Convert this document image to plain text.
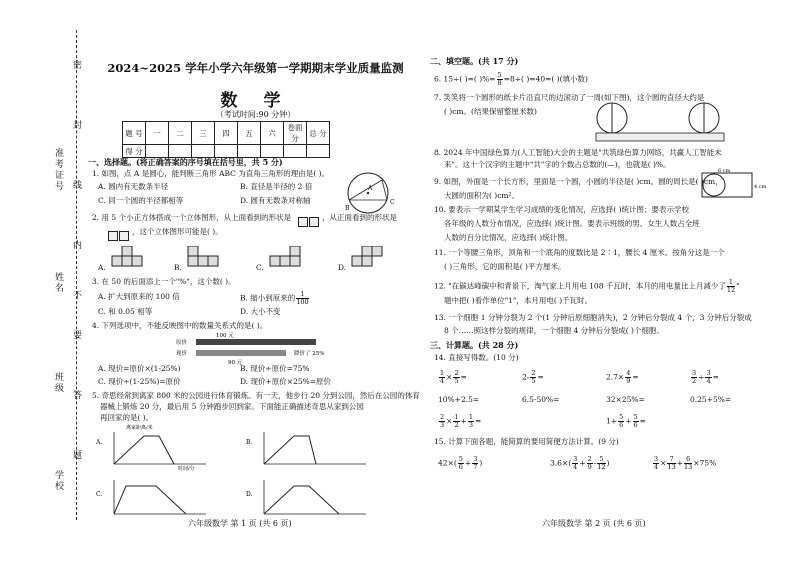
准考证号
姓名
班级
学校
密
封
线
内
不
要
答
题
2024~2025 学年小学六年级第一学期期末学业质量监测
数 学
（考试时间:90 分钟）
题 号	一	二	三	四	五	六	卷面分	总 分
得 分								
一、选择题。(将正确答案的序号填在括号里，共 5 分)
1. 如图，点 A 是圆心，能判断三角形 ABC 为直角三角形的理由是( )。
A. 圆内有无数条半径	B. 直径是半径的 2 倍
C. 同一个圆的半径都相等	D. 圆有无数条对称轴
B
C
A
2. 用 5 个小正方体搭成一个立体图形，从上面看到的形状是	，从正面看到的形状是
，这个立体图形可能是( )。
A.	B.	C.	D.
3. 在 50 的后面添上一个"%"，这个数( )。
A. 扩大到原来的 100 倍	B. 缩小到原来的 $\frac{1}{100}$
C. 和 0.05 相等	D. 大小不变
4. 下列选项中，不能反映图中的数量关系式的是( )。
100 元
原价
现价	降价了 25%
90 元
A. 现价=原价×(1-25%)	B. 现价÷原价=75%
C. 现价÷(1-25%)=原价	D. 现价+原价×25%=原价
5. 奇思经常到离家 800 米的公园进行体育锻炼。有一天，他步行 20 分到公园，然后在公园的体育
器械上锻炼 20 分，最后用 5 分钟跑步回到家。下面能正确描述奇思从家到公园
再回家的是( )。
A.
离家距离/米
时间/分
B.
C.	D.
六年级数学 第 1 页 (共 6 页)
二、填空题。(共 17 分)
6. 15÷( )=( )%= $\frac{5}{8} =8\div$( )=40=( )(填小数)
7. 笑笑将一个圆形的纸卡片沿直尺的边滚动了一周(如下图)，这个圆的直径大约是
( )cm。(结果保留整厘米数)
8. 2024 年中国绿色算力(人工智能)大会的主题是"共筑绿色算力网络，共赢人工智能未
来"。这十个汉字的主题中"共"字的个数占总数的(—)，也就是( )%。
9. 如图，外面是一个长方形，里面是一个圆，小圆的半径是( )cm。圆的周长是( )cm，
大圆的面积为( )cm²。
6 cm
4 cm
10. 要表示一学期某学生学习成绩的变化情况，应选择( )统计图；要表示学校
各年级的人数分布情况，应选择( )统计图。要表示班级的男、女生人数占全班
人数的百分比情况，应选择( )统计图。
11. 一个等腰三角形，顶角和一个底角的度数比是 2∶1，腰长 4 厘米。按角分这是一个
( )三角形，它的面积是( )平方厘米。
12. "在碳达峰碳中和背景下，淘气家上月用电 108 千瓦时，本月的用电量比上月减少了 $\frac{1}{12}$ "
题中把( )看作单位"1"，本月用电( )千瓦时。
13. 一个细胞 1 分钟分裂为 2 个(1 分钟后原细胞消失)，2 分钟后分裂成 4 个，3 分钟后分裂成
8 个……照这样分裂的规律，一个细胞 4 分钟后分裂成( )个细胞。
三、计算题。(共 28 分)
14. 直接写得数。(10 分)
$\frac{1}{4} \times \frac{2}{5}$ =	$2- \frac{2}{5}$ =	$2.7\times \frac{4}{9}$ =	$\frac{3}{2} \div \frac{3}{4}$ =
10%+2.5=	6.5-50%=	32×25%=	0.25+5%=
$\frac{2}{3} \times \frac{1}{2} + \frac{1}{3}$ =	$1+ \frac{5}{6} + \frac{5}{6}$ =
15. 计算下面各题，能简算的要用简便方法计算。(9 分)
$42\times( \frac{5}{6} + \frac{3}{7}$ )	$3.6\times( \frac{3}{4} + \frac{2}{9} - \frac{5}{12}$ )	$\frac{3}{4} \times \frac{7}{13} + \frac{6}{13} \times 75\%$
六年级数学 第 2 页 (共 6 页)
